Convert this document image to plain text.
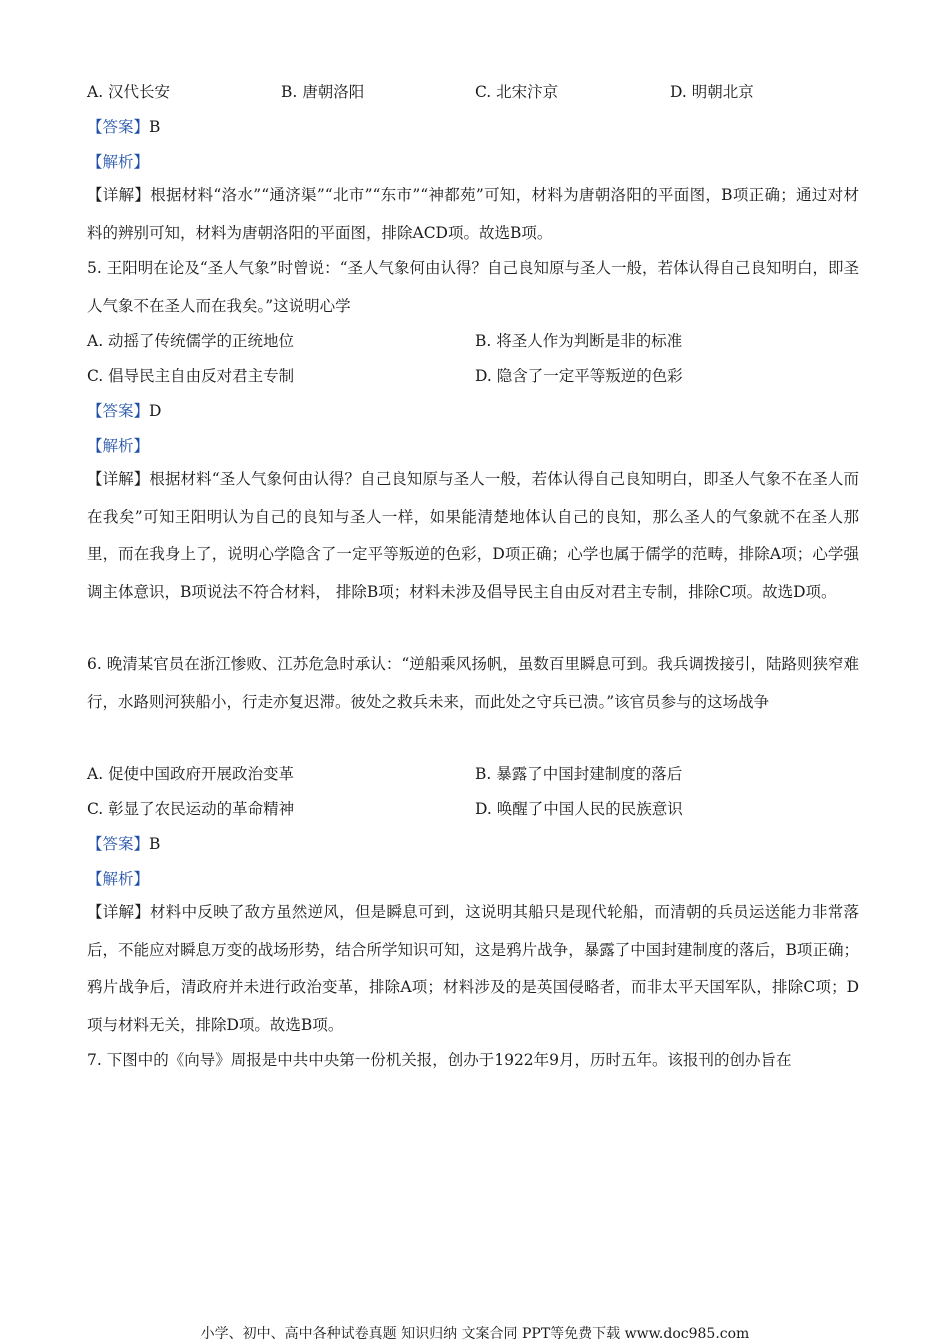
A. 汉代长安	B. 唐朝洛阳	C. 北宋汴京	D. 明朝北京
【答案】B
【解析】
【详解】根据材料“洛水”“通济渠”“北市”“东市”“神都苑”可知，材料为唐朝洛阳的平面图，B项正确；通过对材料的辨别可知，材料为唐朝洛阳的平面图，排除ACD项。故选B项。
5. 王阳明在论及“圣人气象”时曾说：“圣人气象何由认得？自己良知原与圣人一般，若体认得自己良知明白，即圣人气象不在圣人而在我矣。”这说明心学
A. 动摇了传统儒学的正统地位	B. 将圣人作为判断是非的标准
C. 倡导民主自由反对君主专制	D. 隐含了一定平等叛逆的色彩
【答案】D
【解析】
【详解】根据材料“圣人气象何由认得？自己良知原与圣人一般，若体认得自己良知明白，即圣人气象不在圣人而在我矣”可知王阳明认为自己的良知与圣人一样，如果能清楚地体认自己的良知，那么圣人的气象就不在圣人那里，而在我身上了，说明心学隐含了一定平等叛逆的色彩，D项正确；心学也属于儒学的范畴，排除A项；心学强调主体意识，B项说法不符合材料， 排除B项；材料未涉及倡导民主自由反对君主专制，排除C项。故选D项。
6. 晚清某官员在浙江惨败、江苏危急时承认：“逆船乘风扬帆，虽数百里瞬息可到。我兵调拨接引，陆路则狭窄难行，水路则河狭船小，行走亦复迟滞。彼处之救兵未来，而此处之守兵已溃。”该官员参与的这场战争
A. 促使中国政府开展政治变革	B. 暴露了中国封建制度的落后
C. 彰显了农民运动的革命精神	D. 唤醒了中国人民的民族意识
【答案】B
【解析】
【详解】材料中反映了敌方虽然逆风，但是瞬息可到，这说明其船只是现代轮船，而清朝的兵员运送能力非常落后，不能应对瞬息万变的战场形势，结合所学知识可知，这是鸦片战争，暴露了中国封建制度的落后，B项正确；鸦片战争后，清政府并未进行政治变革，排除A项；材料涉及的是英国侵略者，而非太平天国军队，排除C项；D项与材料无关，排除D项。故选B项。
7. 下图中的《向导》周报是中共中央第一份机关报，创办于1922年9月，历时五年。该报刊的创办旨在
小学、初中、高中各种试卷真题 知识归纳 文案合同 PPT等免费下载 www.doc985.com
